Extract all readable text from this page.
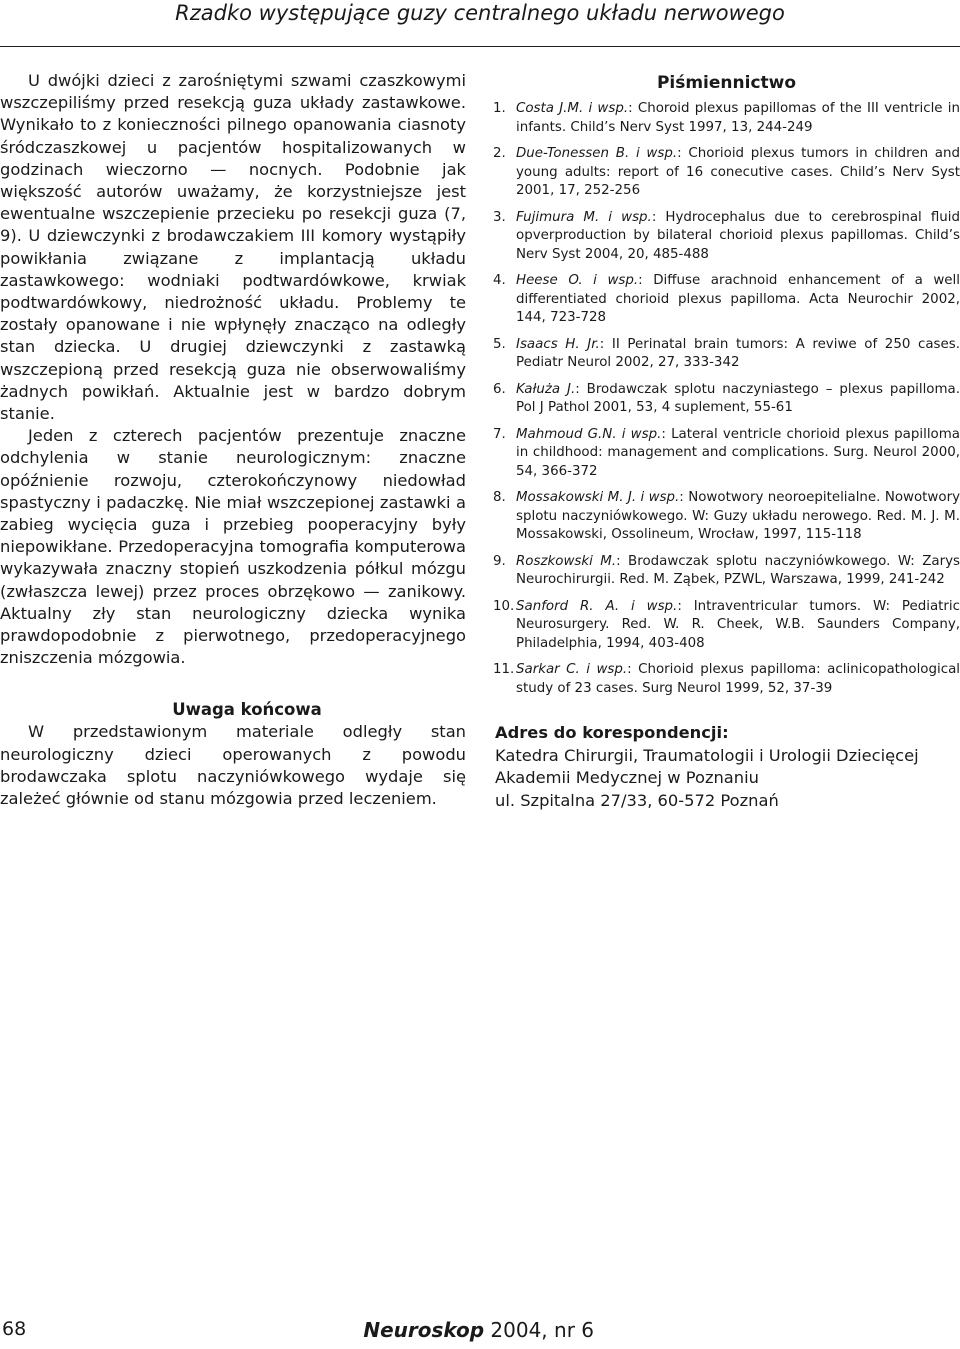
Rzadko występujące guzy centralnego układu nerwowego

U dwójki dzieci z zarośniętymi szwami czaszkowymi wszczepiliśmy przed resekcją guza układy zastawkowe. Wynikało to z konieczności pilnego opanowania ciasnoty śródczaszkowej u pacjentów hospitalizowanych w godzinach wieczorno — nocnych. Podobnie jak większość autorów uważamy, że korzystniejsze jest ewentualne wszczepienie przecieku po resekcji guza (7, 9). U dziewczynki z brodawczakiem III komory wystąpiły powikłania związane z implantacją układu zastawkowego: wodniaki podtwardówkowe, krwiak podtwardówkowy, niedrożność układu. Problemy te zostały opanowane i nie wpłynęły znacząco na odległy stan dziecka. U drugiej dziewczynki z zastawką wszczepioną przed resekcją guza nie obserwowaliśmy żadnych powikłań. Aktualnie jest w bardzo dobrym stanie.

Jeden z czterech pacjentów prezentuje znaczne odchylenia w stanie neurologicznym: znaczne opóźnienie rozwoju, czterokończynowy niedowład spastyczny i padaczkę. Nie miał wszczepionej zastawki a zabieg wycięcia guza i przebieg pooperacyjny były niepowikłane. Przedoperacyjna tomografia komputerowa wykazywała znaczny stopień uszkodzenia półkul mózgu (zwłaszcza lewej) przez proces obrzękowo — zanikowy. Aktualny zły stan neurologiczny dziecka wynika prawdopodobnie z pierwotnego, przedoperacyjnego zniszczenia mózgowia.

Uwaga końcowa

W przedstawionym materiale odległy stan neurologiczny dzieci operowanych z powodu brodawczaka splotu naczyniówkowego wydaje się zależeć głównie od stanu mózgowia przed leczeniem.

Piśmiennictwo
1. Costa J.M. i wsp.: Choroid plexus papillomas of the III ventricle in infants. Child’s Nerv Syst 1997, 13, 244-249
2. Due-Tonessen B. i wsp.: Chorioid plexus tumors in children and young adults: report of 16 conecutive cases. Child’s Nerv Syst 2001, 17, 252-256
3. Fujimura M. i wsp.: Hydrocephalus due to cerebrospinal fluid opverproduction by bilateral chorioid plexus papillomas. Child’s Nerv Syst 2004, 20, 485-488
4. Heese O. i wsp.: Diffuse arachnoid enhancement of a well differentiated chorioid plexus papilloma. Acta Neurochir 2002, 144, 723-728
5. Isaacs H. Jr.: II Perinatal brain tumors: A reviwe of 250 cases. Pediatr Neurol 2002, 27, 333-342
6. Kałuża J.: Brodawczak splotu naczyniastego – plexus papilloma. Pol J Pathol 2001, 53, 4 suplement, 55-61
7. Mahmoud G.N. i wsp.: Lateral ventricle chorioid plexus papilloma in childhood: management and complications. Surg. Neurol 2000, 54, 366-372
8. Mossakowski M. J. i wsp.: Nowotwory neoroepitelialne. Nowotwory splotu naczyniówkowego. W: Guzy układu nerowego. Red. M. J. M. Mossakowski, Ossolineum, Wrocław, 1997, 115-118
9. Roszkowski M.: Brodawczak splotu naczyniówkowego. W: Zarys Neurochirurgii. Red. M. Ząbek, PZWL, Warszawa, 1999, 241-242
10. Sanford R. A. i wsp.: Intraventricular tumors. W: Pediatric Neurosurgery. Red. W. R. Cheek, W.B. Saunders Company, Philadelphia, 1994, 403-408
11. Sarkar C. i wsp.: Chorioid plexus papilloma: aclinicopathological study of 23 cases. Surg Neurol 1999, 52, 37-39
Adres do korespondencji:
Katedra Chirurgii, Traumatologii i Urologii Dziecięcej
Akademii Medycznej w Poznaniu
ul. Szpitalna 27/33, 60-572 Poznań
68	Neuroskop 2004, nr 6
